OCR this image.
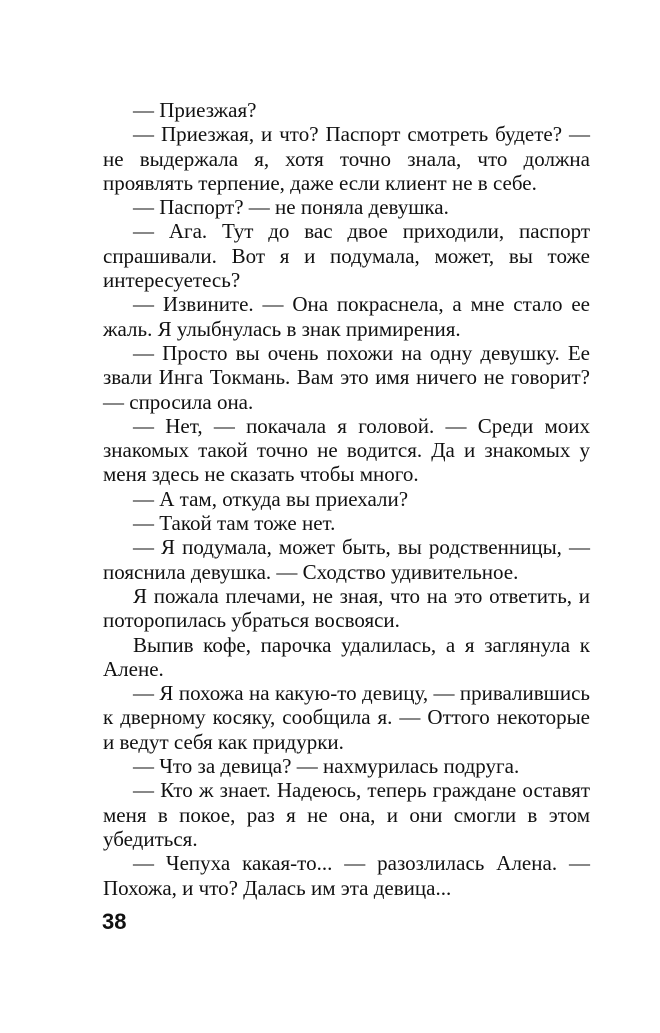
— Приезжая?

— Приезжая, и что? Паспорт смотреть будете? — не выдержала я, хотя точно знала, что должна проявлять терпение, даже если клиент не в себе.

— Паспорт? — не поняла девушка.

— Ага. Тут до вас двое приходили, паспорт спрашивали. Вот я и подумала, может, вы тоже интересуетесь?

— Извините. — Она покраснела, а мне стало ее жаль. Я улыбнулась в знак примирения.

— Просто вы очень похожи на одну девушку. Ее звали Инга Токмань. Вам это имя ничего не говорит? — спросила она.

— Нет, — покачала я головой. — Среди моих знакомых такой точно не водится. Да и знакомых у меня здесь не сказать чтобы много.

— А там, откуда вы приехали?

— Такой там тоже нет.

— Я подумала, может быть, вы родственницы, — пояснила девушка. — Сходство удивительное.

Я пожала плечами, не зная, что на это ответить, и поторопилась убраться восвояси.

Выпив кофе, парочка удалилась, а я заглянула к Алене.

— Я похожа на какую-то девицу, — привалившись к дверному косяку, сообщила я. — Оттого некоторые и ведут себя как придурки.

— Что за девица? — нахмурилась подруга.

— Кто ж знает. Надеюсь, теперь граждане оставят меня в покое, раз я не она, и они смогли в этом убедиться.

— Чепуха какая-то... — разозлилась Алена. — Похожа, и что? Далась им эта девица...

38
